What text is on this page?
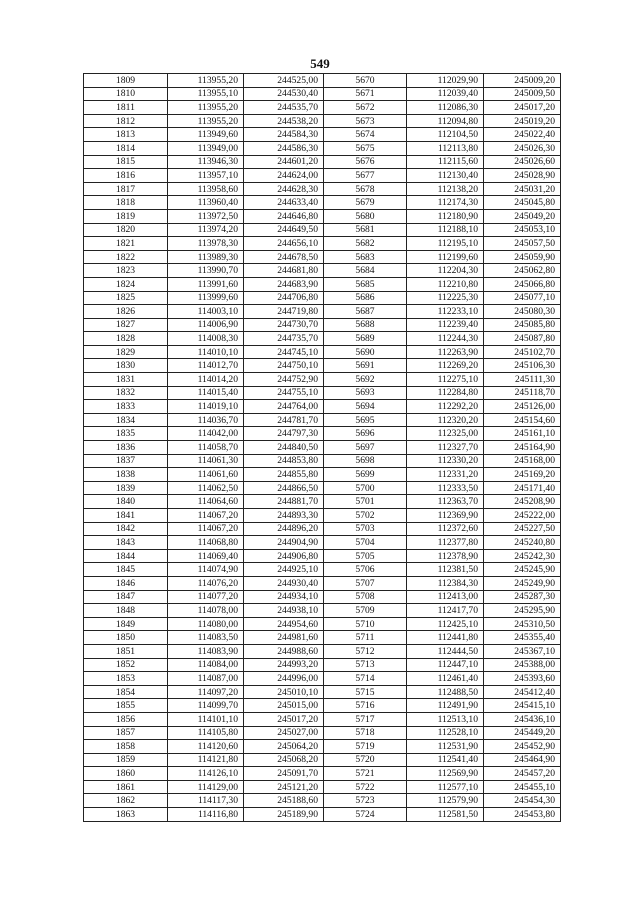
549
1809	113955,20	244525,00	5670	112029,90	245009,20
1810	113955,10	244530,40	5671	112039,40	245009,50
1811	113955,20	244535,70	5672	112086,30	245017,20
1812	113955,20	244538,20	5673	112094,80	245019,20
1813	113949,60	244584,30	5674	112104,50	245022,40
1814	113949,00	244586,30	5675	112113,80	245026,30
1815	113946,30	244601,20	5676	112115,60	245026,60
1816	113957,10	244624,00	5677	112130,40	245028,90
1817	113958,60	244628,30	5678	112138,20	245031,20
1818	113960,40	244633,40	5679	112174,30	245045,80
1819	113972,50	244646,80	5680	112180,90	245049,20
1820	113974,20	244649,50	5681	112188,10	245053,10
1821	113978,30	244656,10	5682	112195,10	245057,50
1822	113989,30	244678,50	5683	112199,60	245059,90
1823	113990,70	244681,80	5684	112204,30	245062,80
1824	113991,60	244683,90	5685	112210,80	245066,80
1825	113999,60	244706,80	5686	112225,30	245077,10
1826	114003,10	244719,80	5687	112233,10	245080,30
1827	114006,90	244730,70	5688	112239,40	245085,80
1828	114008,30	244735,70	5689	112244,30	245087,80
1829	114010,10	244745,10	5690	112263,90	245102,70
1830	114012,70	244750,10	5691	112269,20	245106,30
1831	114014,20	244752,90	5692	112275,10	245111,30
1832	114015,40	244755,10	5693	112284,80	245118,70
1833	114019,10	244764,00	5694	112292,20	245126,00
1834	114036,70	244781,70	5695	112320,20	245154,60
1835	114042,00	244797,30	5696	112325,00	245161,10
1836	114058,70	244840,50	5697	112327,70	245164,90
1837	114061,30	244853,80	5698	112330,20	245168,00
1838	114061,60	244855,80	5699	112331,20	245169,20
1839	114062,50	244866,50	5700	112333,50	245171,40
1840	114064,60	244881,70	5701	112363,70	245208,90
1841	114067,20	244893,30	5702	112369,90	245222,00
1842	114067,20	244896,20	5703	112372,60	245227,50
1843	114068,80	244904,90	5704	112377,80	245240,80
1844	114069,40	244906,80	5705	112378,90	245242,30
1845	114074,90	244925,10	5706	112381,50	245245,90
1846	114076,20	244930,40	5707	112384,30	245249,90
1847	114077,20	244934,10	5708	112413,00	245287,30
1848	114078,00	244938,10	5709	112417,70	245295,90
1849	114080,00	244954,60	5710	112425,10	245310,50
1850	114083,50	244981,60	5711	112441,80	245355,40
1851	114083,90	244988,60	5712	112444,50	245367,10
1852	114084,00	244993,20	5713	112447,10	245388,00
1853	114087,00	244996,00	5714	112461,40	245393,60
1854	114097,20	245010,10	5715	112488,50	245412,40
1855	114099,70	245015,00	5716	112491,90	245415,10
1856	114101,10	245017,20	5717	112513,10	245436,10
1857	114105,80	245027,00	5718	112528,10	245449,20
1858	114120,60	245064,20	5719	112531,90	245452,90
1859	114121,80	245068,20	5720	112541,40	245464,90
1860	114126,10	245091,70	5721	112569,90	245457,20
1861	114129,00	245121,20	5722	112577,10	245455,10
1862	114117,30	245188,60	5723	112579,90	245454,30
1863	114116,80	245189,90	5724	112581,50	245453,80
